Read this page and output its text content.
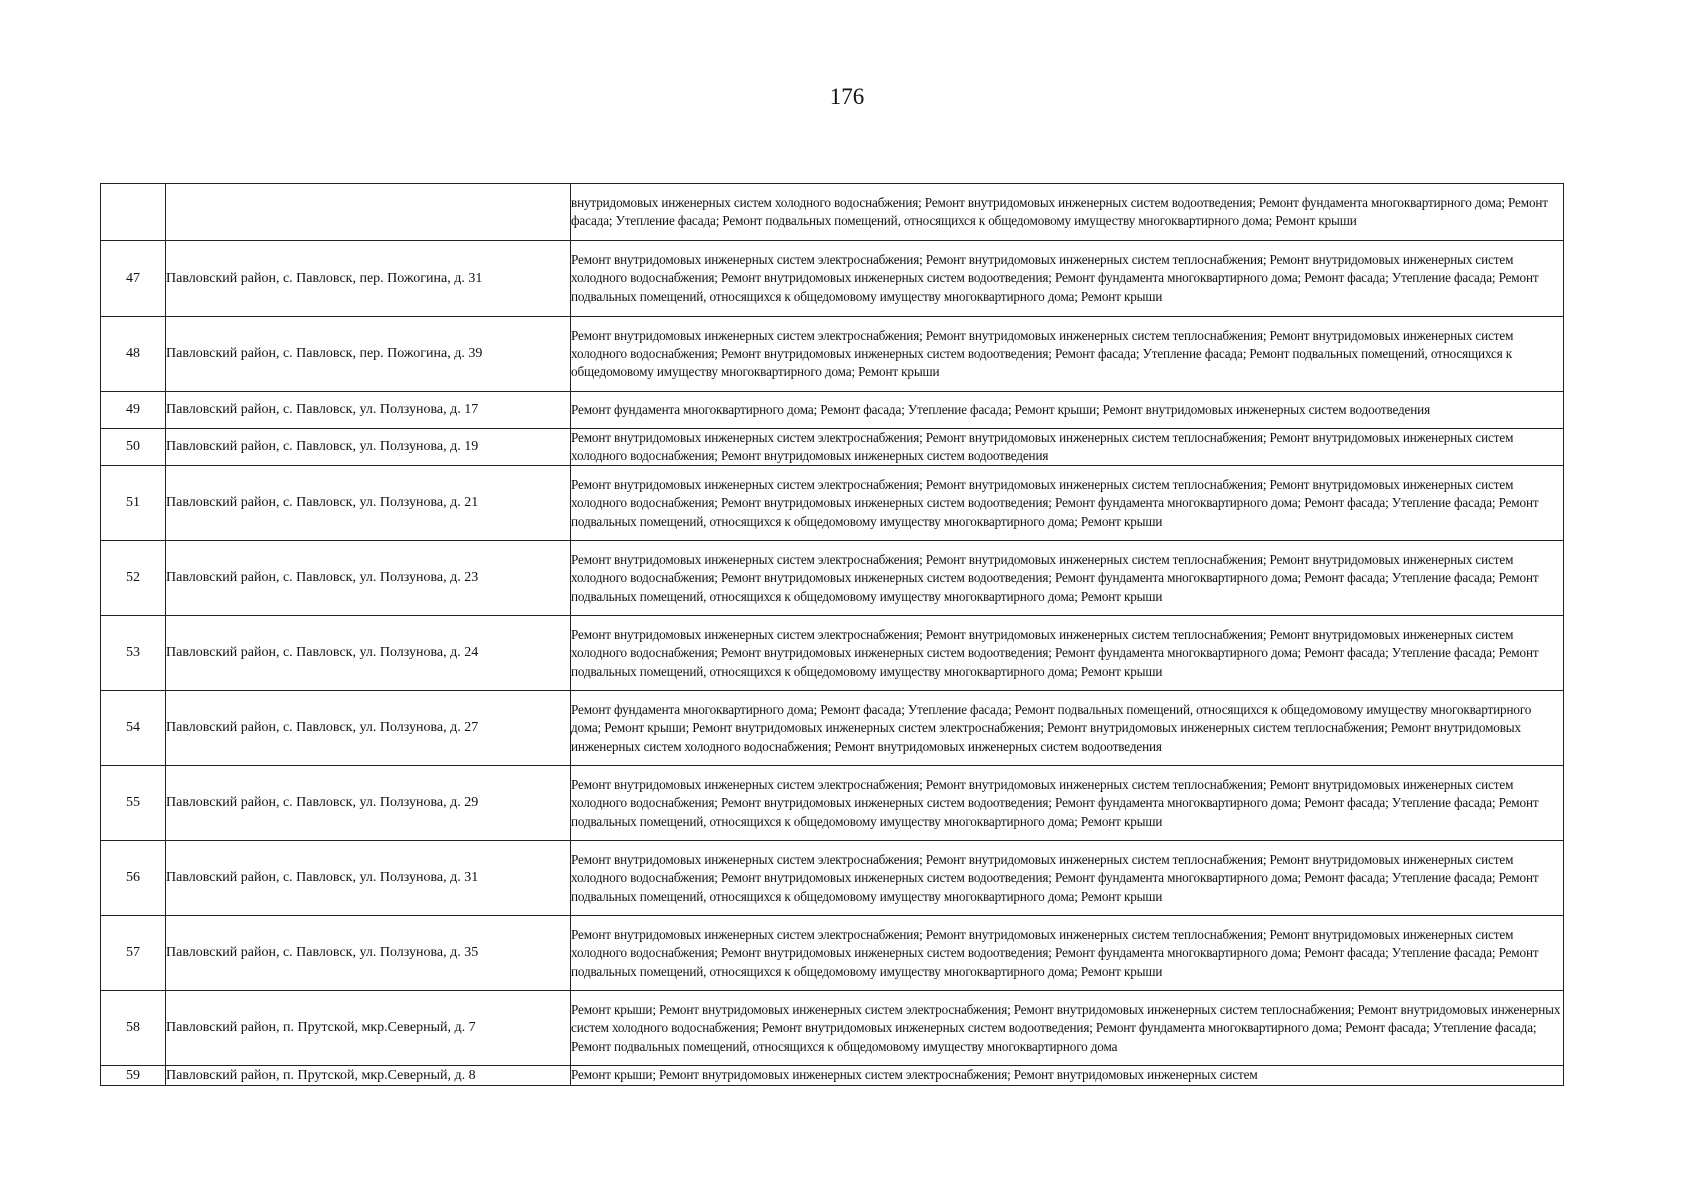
176
		внутридомовых инженерных систем холодного водоснабжения; Ремонт внутридомовых инженерных систем водоотведения; Ремонт фундамента многоквартирного дома; Ремонт фасада; Утепление фасада; Ремонт подвальных помещений, относящихся к общедомовому имуществу многоквартирного дома; Ремонт крыши
47	Павловский район, с. Павловск, пер. Пожогина, д. 31	Ремонт внутридомовых инженерных систем электроснабжения; Ремонт внутридомовых инженерных систем теплоснабжения; Ремонт внутридомовых инженерных систем холодного водоснабжения; Ремонт внутридомовых инженерных систем водоотведения; Ремонт фундамента многоквартирного дома; Ремонт фасада; Утепление фасада; Ремонт подвальных помещений, относящихся к общедомовому имуществу многоквартирного дома; Ремонт крыши
48	Павловский район, с. Павловск, пер. Пожогина, д. 39	Ремонт внутридомовых инженерных систем электроснабжения; Ремонт внутридомовых инженерных систем теплоснабжения; Ремонт внутридомовых инженерных систем холодного водоснабжения; Ремонт внутридомовых инженерных систем водоотведения; Ремонт фасада; Утепление фасада; Ремонт подвальных помещений, относящихся к общедомовому имуществу многоквартирного дома; Ремонт крыши
49	Павловский район, с. Павловск, ул. Ползунова, д. 17	Ремонт фундамента многоквартирного дома; Ремонт фасада; Утепление фасада; Ремонт крыши; Ремонт внутридомовых инженерных систем водоотведения
50	Павловский район, с. Павловск, ул. Ползунова, д. 19	Ремонт внутридомовых инженерных систем электроснабжения; Ремонт внутридомовых инженерных систем теплоснабжения; Ремонт внутридомовых инженерных систем холодного водоснабжения; Ремонт внутридомовых инженерных систем водоотведения
51	Павловский район, с. Павловск, ул. Ползунова, д. 21	Ремонт внутридомовых инженерных систем электроснабжения; Ремонт внутридомовых инженерных систем теплоснабжения; Ремонт внутридомовых инженерных систем холодного водоснабжения; Ремонт внутридомовых инженерных систем водоотведения; Ремонт фундамента многоквартирного дома; Ремонт фасада; Утепление фасада; Ремонт подвальных помещений, относящихся к общедомовому имуществу многоквартирного дома; Ремонт крыши
52	Павловский район, с. Павловск, ул. Ползунова, д. 23	Ремонт внутридомовых инженерных систем электроснабжения; Ремонт внутридомовых инженерных систем теплоснабжения; Ремонт внутридомовых инженерных систем холодного водоснабжения; Ремонт внутридомовых инженерных систем водоотведения; Ремонт фундамента многоквартирного дома; Ремонт фасада; Утепление фасада; Ремонт подвальных помещений, относящихся к общедомовому имуществу многоквартирного дома; Ремонт крыши
53	Павловский район, с. Павловск, ул. Ползунова, д. 24	Ремонт внутридомовых инженерных систем электроснабжения; Ремонт внутридомовых инженерных систем теплоснабжения; Ремонт внутридомовых инженерных систем холодного водоснабжения; Ремонт внутридомовых инженерных систем водоотведения; Ремонт фундамента многоквартирного дома; Ремонт фасада; Утепление фасада; Ремонт подвальных помещений, относящихся к общедомовому имуществу многоквартирного дома; Ремонт крыши
54	Павловский район, с. Павловск, ул. Ползунова, д. 27	Ремонт фундамента многоквартирного дома; Ремонт фасада; Утепление фасада; Ремонт подвальных помещений, относящихся к общедомовому имуществу многоквартирного дома; Ремонт крыши; Ремонт внутридомовых инженерных систем электроснабжения; Ремонт внутридомовых инженерных систем теплоснабжения; Ремонт внутридомовых инженерных систем холодного водоснабжения; Ремонт внутридомовых инженерных систем водоотведения
55	Павловский район, с. Павловск, ул. Ползунова, д. 29	Ремонт внутридомовых инженерных систем электроснабжения; Ремонт внутридомовых инженерных систем теплоснабжения; Ремонт внутридомовых инженерных систем холодного водоснабжения; Ремонт внутридомовых инженерных систем водоотведения; Ремонт фундамента многоквартирного дома; Ремонт фасада; Утепление фасада; Ремонт подвальных помещений, относящихся к общедомовому имуществу многоквартирного дома; Ремонт крыши
56	Павловский район, с. Павловск, ул. Ползунова, д. 31	Ремонт внутридомовых инженерных систем электроснабжения; Ремонт внутридомовых инженерных систем теплоснабжения; Ремонт внутридомовых инженерных систем холодного водоснабжения; Ремонт внутридомовых инженерных систем водоотведения; Ремонт фундамента многоквартирного дома; Ремонт фасада; Утепление фасада; Ремонт подвальных помещений, относящихся к общедомовому имуществу многоквартирного дома; Ремонт крыши
57	Павловский район, с. Павловск, ул. Ползунова, д. 35	Ремонт внутридомовых инженерных систем электроснабжения; Ремонт внутридомовых инженерных систем теплоснабжения; Ремонт внутридомовых инженерных систем холодного водоснабжения; Ремонт внутридомовых инженерных систем водоотведения; Ремонт фундамента многоквартирного дома; Ремонт фасада; Утепление фасада; Ремонт подвальных помещений, относящихся к общедомовому имуществу многоквартирного дома; Ремонт крыши
58	Павловский район, п. Прутской, мкр.Северный, д. 7	Ремонт крыши; Ремонт внутридомовых инженерных систем электроснабжения; Ремонт внутридомовых инженерных систем теплоснабжения; Ремонт внутридомовых инженерных систем холодного водоснабжения; Ремонт внутридомовых инженерных систем водоотведения; Ремонт фундамента многоквартирного дома; Ремонт фасада; Утепление фасада; Ремонт подвальных помещений, относящихся к общедомовому имуществу многоквартирного дома
59	Павловский район, п. Прутской, мкр.Северный, д. 8	Ремонт крыши; Ремонт внутридомовых инженерных систем электроснабжения; Ремонт внутридомовых инженерных систем
